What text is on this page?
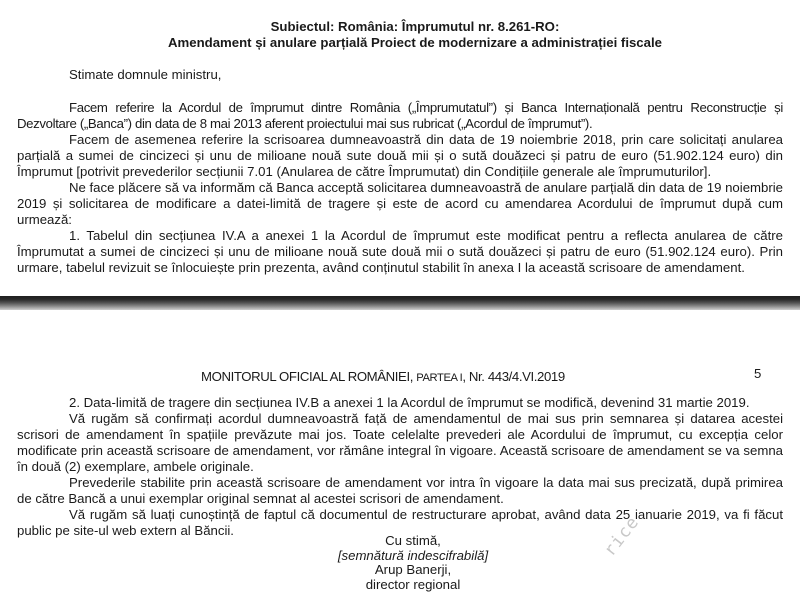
Subiectul: România: Împrumutul nr. 8.261-RO:
Amendament și anulare parțială Proiect de modernizare a administrației fiscale
Stimate domnule ministru,

Facem referire la Acordul de împrumut dintre România („Împrumutatul”) și Banca Internațională pentru Reconstrucție și Dezvoltare („Banca”) din data de 8 mai 2013 aferent proiectului mai sus rubricat („Acordul de împrumut”).

Facem de asemenea referire la scrisoarea dumneavoastră din data de 19 noiembrie 2018, prin care solicitați anularea parțială a sumei de cincizeci și unu de milioane nouă sute două mii și o sută douăzeci și patru de euro (51.902.124 euro) din Împrumut [potrivit prevederilor secțiunii 7.01 (Anularea de către Împrumutat) din Condițiile generale ale împrumuturilor].

Ne face plăcere să va informăm că Banca acceptă solicitarea dumneavoastră de anulare parțială din data de 19 noiembrie 2019 și solicitarea de modificare a datei-limită de tragere și este de acord cu amendarea Acordului de împrumut după cum urmează:

1. Tabelul din secțiunea IV.A a anexei 1 la Acordul de împrumut este modificat pentru a reflecta anularea de către Împrumutat a sumei de cincizeci și unu de milioane nouă sute două mii o sută douăzeci și patru de euro (51.902.124 euro). Prin urmare, tabelul revizuit se înlocuiește prin prezenta, având conținutul stabilit în anexa I la această scrisoare de amendament.

MONITORUL OFICIAL AL ROMÂNIEI, PARTEA I, Nr. 443/4.VI.2019	5

2. Data-limită de tragere din secțiunea IV.B a anexei 1 la Acordul de împrumut se modifică, devenind 31 martie 2019.

Vă rugăm să confirmați acordul dumneavoastră față de amendamentul de mai sus prin semnarea și datarea acestei scrisori de amendament în spațiile prevăzute mai jos. Toate celelalte prevederi ale Acordului de împrumut, cu excepția celor modificate prin această scrisoare de amendament, vor rămâne integral în vigoare. Această scrisoare de amendament se va semna în două (2) exemplare, ambele originale.

Prevederile stabilite prin această scrisoare de amendament vor intra în vigoare la data mai sus precizată, după primirea de către Bancă a unui exemplar original semnat al acestei scrisori de amendament.

Vă rugăm să luați cunoștință de faptul că documentul de restructurare aprobat, având data 25 ianuarie 2019, va fi făcut public pe site-ul web extern al Băncii.

Cu stimă,
[semnătură indescifrabilă]
Arup Banerji,
director regional
rice
